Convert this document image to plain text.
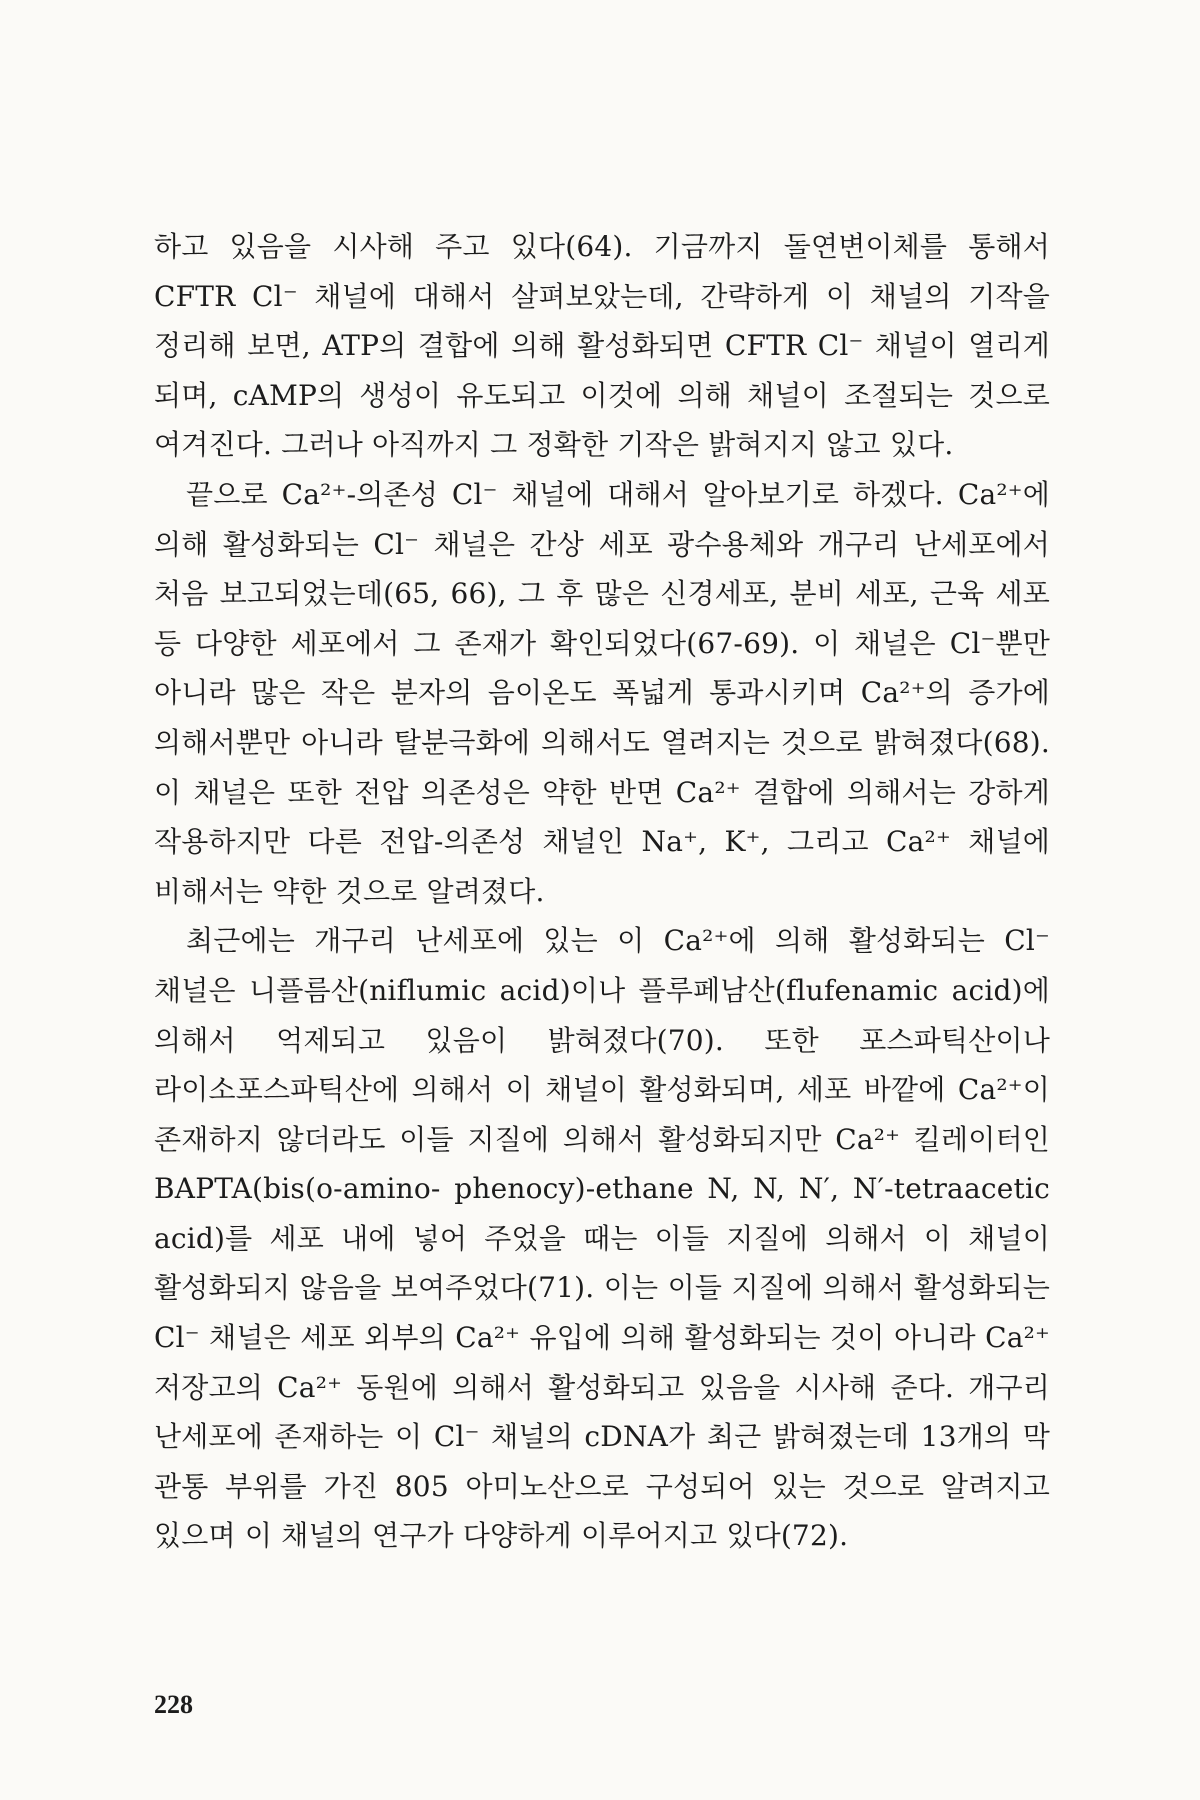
하고 있음을 시사해 주고 있다(64). 기금까지 돌연변이체를 통해서 CFTR Cl⁻ 채널에 대해서 살펴보았는데, 간략하게 이 채널의 기작을 정리해 보면, ATP의 결합에 의해 활성화되면 CFTR Cl⁻ 채널이 열리게 되며, cAMP의 생성이 유도되고 이것에 의해 채널이 조절되는 것으로 여겨진다. 그러나 아직까지 그 정확한 기작은 밝혀지지 않고 있다.

끝으로 Ca²⁺-의존성 Cl⁻ 채널에 대해서 알아보기로 하겠다. Ca²⁺에 의해 활성화되는 Cl⁻ 채널은 간상 세포 광수용체와 개구리 난세포에서 처음 보고되었는데(65, 66), 그 후 많은 신경세포, 분비 세포, 근육 세포 등 다양한 세포에서 그 존재가 확인되었다(67-69). 이 채널은 Cl⁻뿐만 아니라 많은 작은 분자의 음이온도 폭넓게 통과시키며 Ca²⁺의 증가에 의해서뿐만 아니라 탈분극화에 의해서도 열려지는 것으로 밝혀졌다(68). 이 채널은 또한 전압 의존성은 약한 반면 Ca²⁺ 결합에 의해서는 강하게 작용하지만 다른 전압-의존성 채널인 Na⁺, K⁺, 그리고 Ca²⁺ 채널에 비해서는 약한 것으로 알려졌다.

최근에는 개구리 난세포에 있는 이 Ca²⁺에 의해 활성화되는 Cl⁻ 채널은 니플름산(niflumic acid)이나 플루페남산(flufenamic acid)에 의해서 억제되고 있음이 밝혀졌다(70). 또한 포스파틱산이나 라이소포스파틱산에 의해서 이 채널이 활성화되며, 세포 바깥에 Ca²⁺이 존재하지 않더라도 이들 지질에 의해서 활성화되지만 Ca²⁺ 킬레이터인 BAPTA(bis(o-amino- phenocy)-ethane N, N, N′, N′-tetraacetic acid)를 세포 내에 넣어 주었을 때는 이들 지질에 의해서 이 채널이 활성화되지 않음을 보여주었다(71). 이는 이들 지질에 의해서 활성화되는 Cl⁻ 채널은 세포 외부의 Ca²⁺ 유입에 의해 활성화되는 것이 아니라 Ca²⁺ 저장고의 Ca²⁺ 동원에 의해서 활성화되고 있음을 시사해 준다. 개구리 난세포에 존재하는 이 Cl⁻ 채널의 cDNA가 최근 밝혀졌는데 13개의 막 관통 부위를 가진 805 아미노산으로 구성되어 있는 것으로 알려지고 있으며 이 채널의 연구가 다양하게 이루어지고 있다(72).

228
